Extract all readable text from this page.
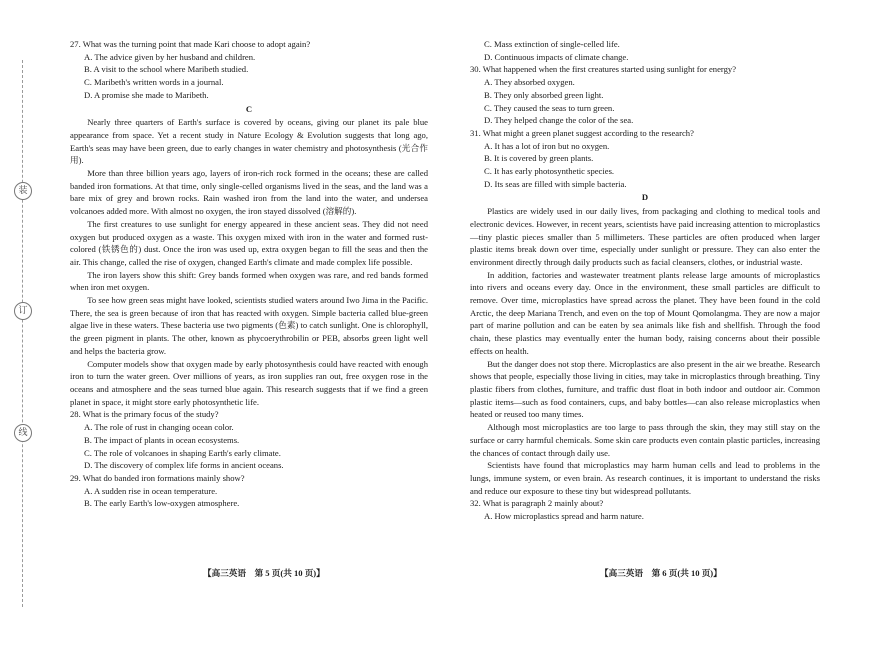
装
订
线

27. What was the turning point that made Kari choose to adopt again?

A. The advice given by her husband and children.

B. A visit to the school where Maribeth studied.

C. Maribeth's written words in a journal.

D. A promise she made to Maribeth.

C

Nearly three quarters of Earth's surface is covered by oceans, giving our planet its pale blue appearance from space. Yet a recent study in Nature Ecology & Evolution suggests that long ago, Earth's seas may have been green, due to early changes in water chemistry and photosynthesis (光合作用).

More than three billion years ago, layers of iron-rich rock formed in the oceans; these are called banded iron formations. At that time, only single-celled organisms lived in the seas, and the land was a bare mix of grey and brown rocks. Rain washed iron from the land into the water, and undersea volcanoes added more. With almost no oxygen, the iron stayed dissolved (溶解的).

The first creatures to use sunlight for energy appeared in these ancient seas. They did not need oxygen but produced oxygen as a waste. This oxygen mixed with iron in the water and formed rust-colored (铁锈色的) dust. Once the iron was used up, extra oxygen began to fill the seas and then the air. This change, called the rise of oxygen, changed Earth's climate and made complex life possible.

The iron layers show this shift: Grey bands formed when oxygen was rare, and red bands formed when iron met oxygen.

To see how green seas might have looked, scientists studied waters around Iwo Jima in the Pacific. There, the sea is green because of iron that has reacted with oxygen. Simple bacteria called blue-green algae live in these waters. These bacteria use two pigments (色素) to catch sunlight. One is chlorophyll, the green pigment in plants. The other, known as phycoerythrobilin or PEB, absorbs green light well and helps the bacteria grow.

Computer models show that oxygen made by early photosynthesis could have reacted with enough iron to turn the water green. Over millions of years, as iron supplies ran out, free oxygen rose in the oceans and atmosphere and the seas turned blue again. This research suggests that if we find a green planet in space, it might store early photosynthetic life.

28. What is the primary focus of the study?

A. The role of rust in changing ocean color.

B. The impact of plants in ocean ecosystems.

C. The role of volcanoes in shaping Earth's early climate.

D. The discovery of complex life forms in ancient oceans.

29. What do banded iron formations mainly show?

A. A sudden rise in ocean temperature.

B. The early Earth's low-oxygen atmosphere.

【高三英语　第 5 页(共 10 页)】

C. Mass extinction of single-celled life.

D. Continuous impacts of climate change.

30. What happened when the first creatures started using sunlight for energy?

A. They absorbed oxygen.

B. They only absorbed green light.

C. They caused the seas to turn green.

D. They helped change the color of the sea.

31. What might a green planet suggest according to the research?

A. It has a lot of iron but no oxygen.

B. It is covered by green plants.

C. It has early photosynthetic species.

D. Its seas are filled with simple bacteria.

D

Plastics are widely used in our daily lives, from packaging and clothing to medical tools and electronic devices. However, in recent years, scientists have paid increasing attention to microplastics—tiny plastic pieces smaller than 5 millimeters. These particles are often produced when larger plastic items break down over time, especially under sunlight or pressure. They can also enter the environment directly through daily products such as facial cleansers, clothes, or industrial waste.

In addition, factories and wastewater treatment plants release large amounts of microplastics into rivers and oceans every day. Once in the environment, these small particles are difficult to remove. Over time, microplastics have spread across the planet. They have been found in the cold Arctic, the deep Mariana Trench, and even on the top of Mount Qomolangma. They are now a major part of marine pollution and can be eaten by sea animals like fish and shellfish. Through the food chain, these plastics may eventually enter the human body, raising concerns about their possible effects on health.

But the danger does not stop there. Microplastics are also present in the air we breathe. Research shows that people, especially those living in cities, may take in microplastics through breathing. Tiny plastic fibers from clothes, furniture, and traffic dust float in both indoor and outdoor air. Common plastic items—such as food containers, cups, and baby bottles—can also release microplastics when heated or reused too many times.

Although most microplastics are too large to pass through the skin, they may still stay on the surface or carry harmful chemicals. Some skin care products even contain plastic particles, increasing the chances of contact through daily use.

Scientists have found that microplastics may harm human cells and lead to problems in the lungs, immune system, or even brain. As research continues, it is important to understand the risks and reduce our exposure to these tiny but widespread pollutants.

32. What is paragraph 2 mainly about?

A. How microplastics spread and harm nature.

【高三英语　第 6 页(共 10 页)】
